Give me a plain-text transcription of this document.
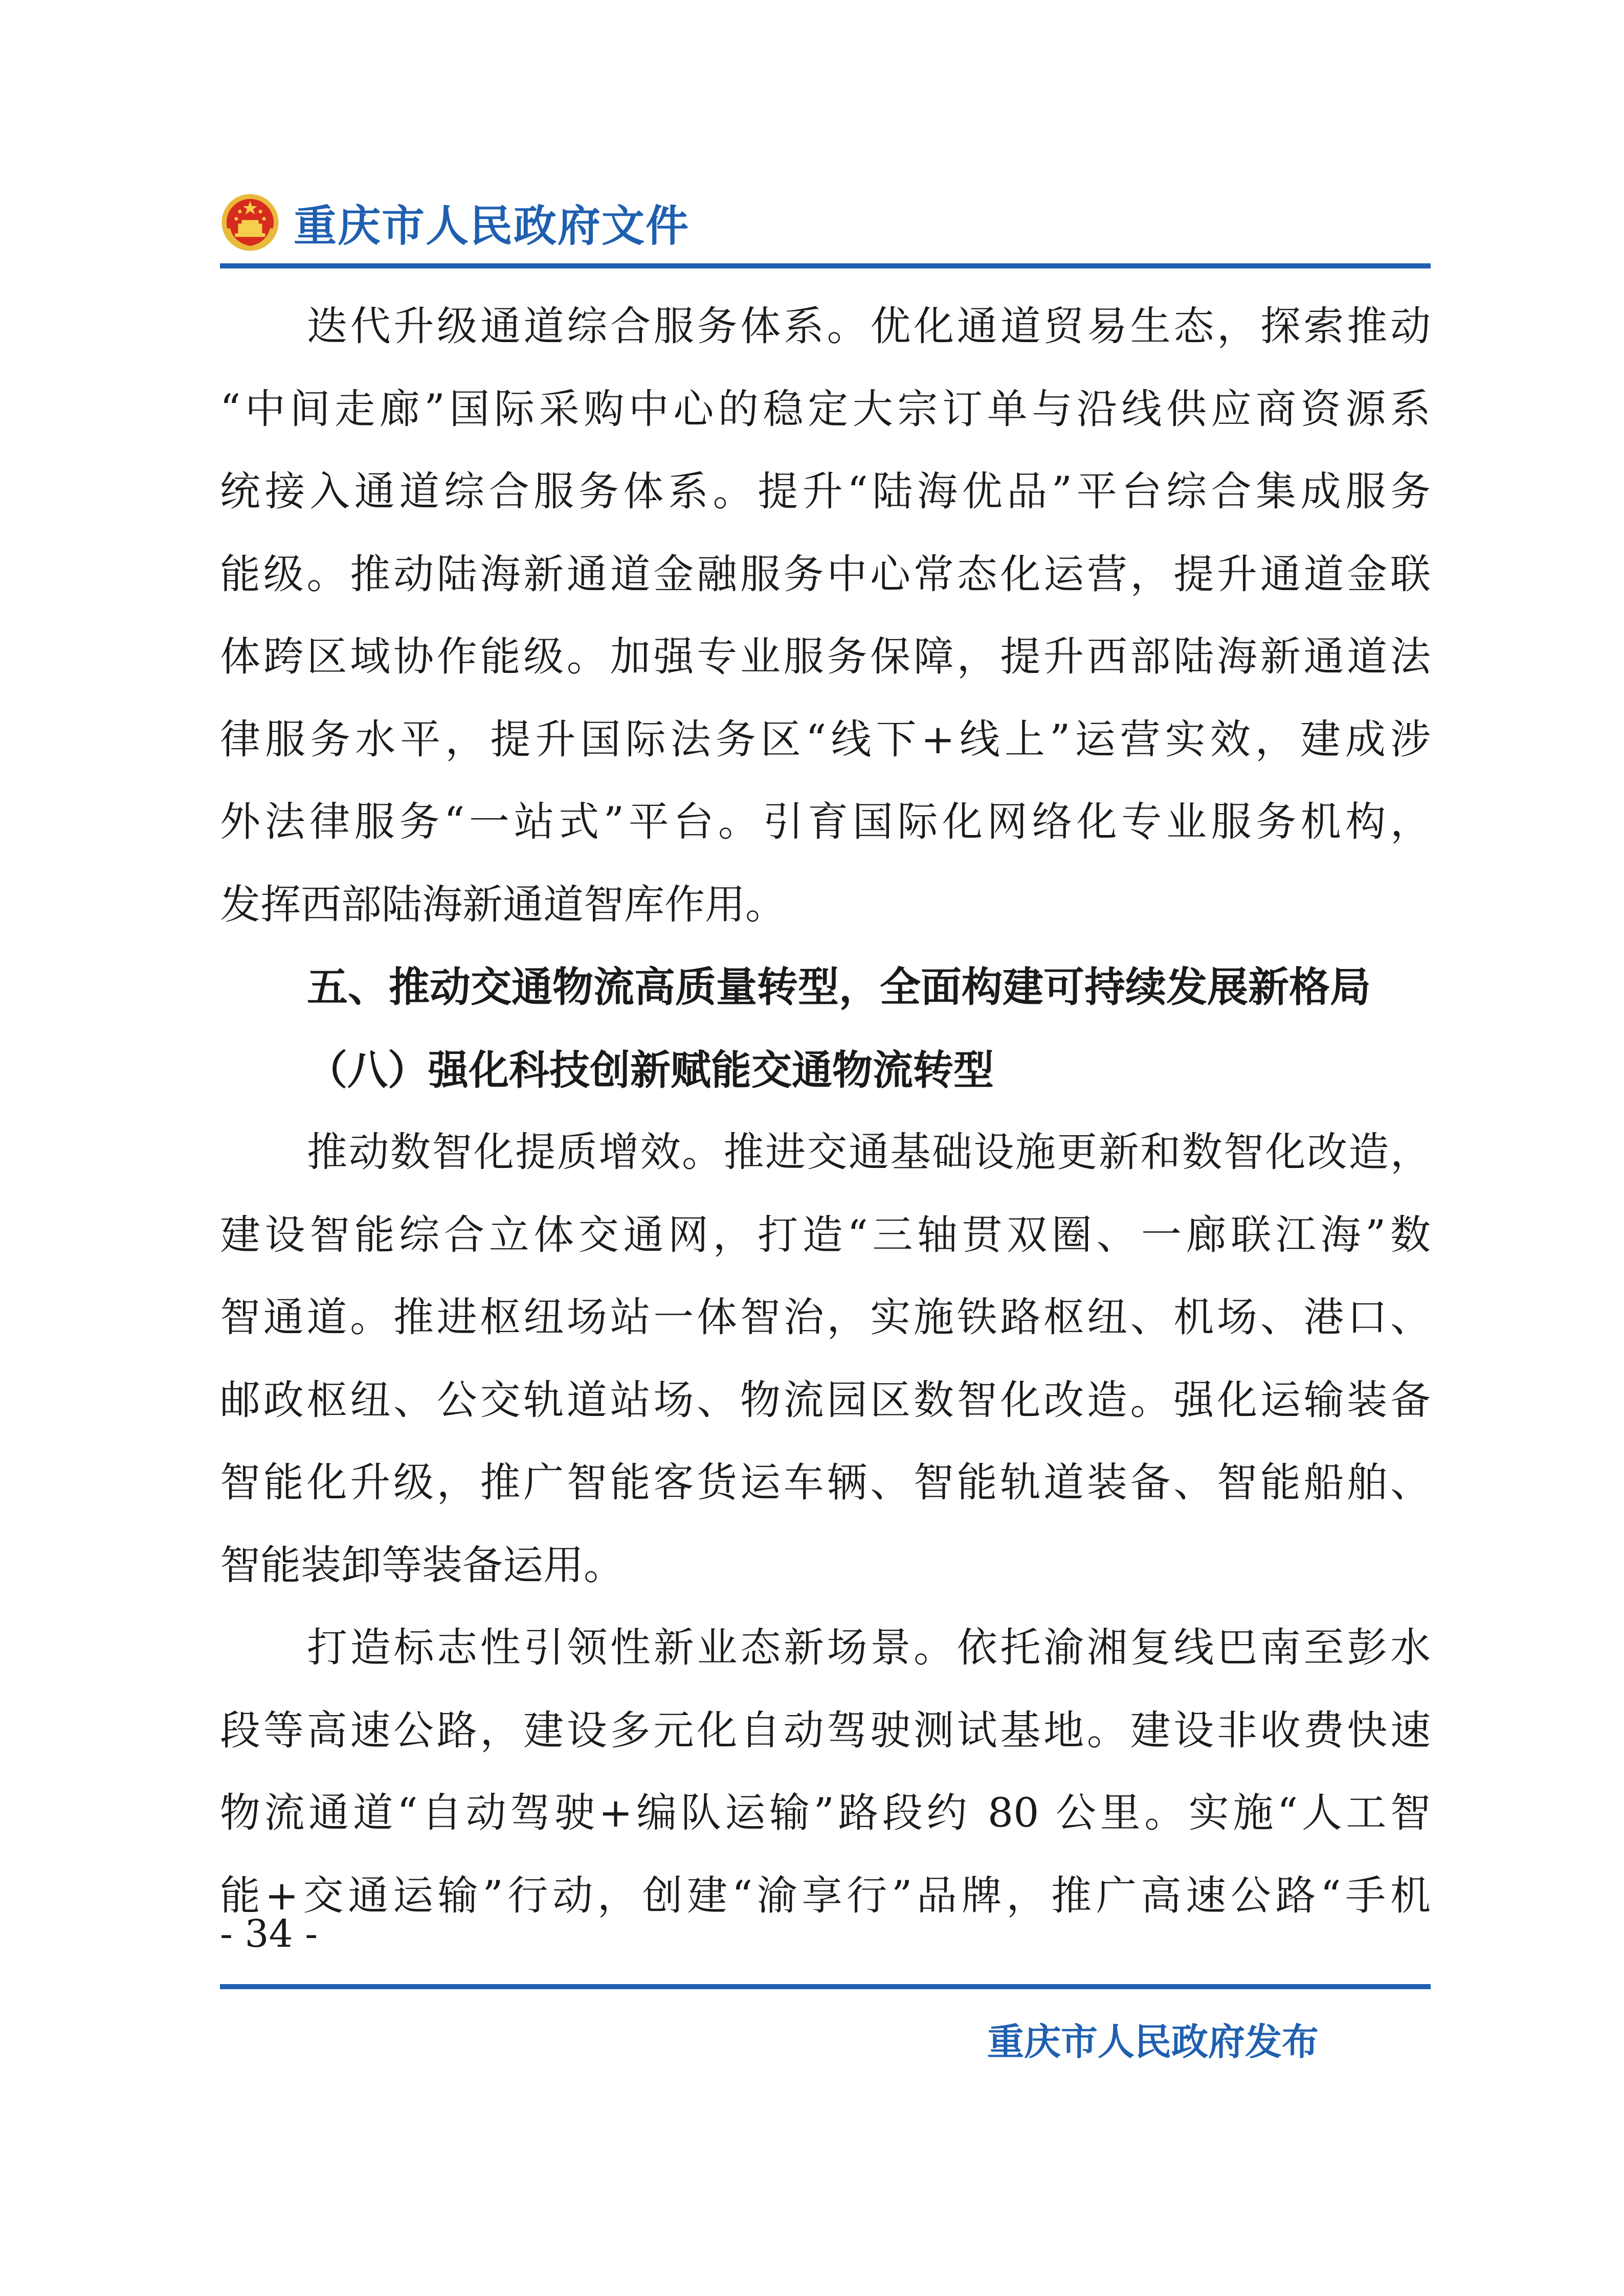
重庆市人民政府文件
迭代升级通道综合服务体系。优化通道贸易生态，探索推动
“中间走廊”国际采购中心的稳定大宗订单与沿线供应商资源系
统接入通道综合服务体系。提升“陆海优品”平台综合集成服务
能级。推动陆海新通道金融服务中心常态化运营，提升通道金联
体跨区域协作能级。加强专业服务保障，提升西部陆海新通道法
律服务水平，提升国际法务区“线下+线上”运营实效，建成涉
外法律服务“一站式”平台。引育国际化网络化专业服务机构，
发挥西部陆海新通道智库作用。
五、推动交通物流高质量转型，全面构建可持续发展新格局
（八）强化科技创新赋能交通物流转型
推动数智化提质增效。推进交通基础设施更新和数智化改造，
建设智能综合立体交通网，打造“三轴贯双圈、一廊联江海”数
智通道。推进枢纽场站一体智治，实施铁路枢纽、机场、港口、
邮政枢纽、公交轨道站场、物流园区数智化改造。强化运输装备
智能化升级，推广智能客货运车辆、智能轨道装备、智能船舶、
智能装卸等装备运用。
打造标志性引领性新业态新场景。依托渝湘复线巴南至彭水
段等高速公路，建设多元化自动驾驶测试基地。建设非收费快速
物流通道“自动驾驶+编队运输”路段约 80 公里。实施“人工智
能+交通运输”行动，创建“渝享行”品牌，推广高速公路“手机
- 34 -
重庆市人民政府发布
